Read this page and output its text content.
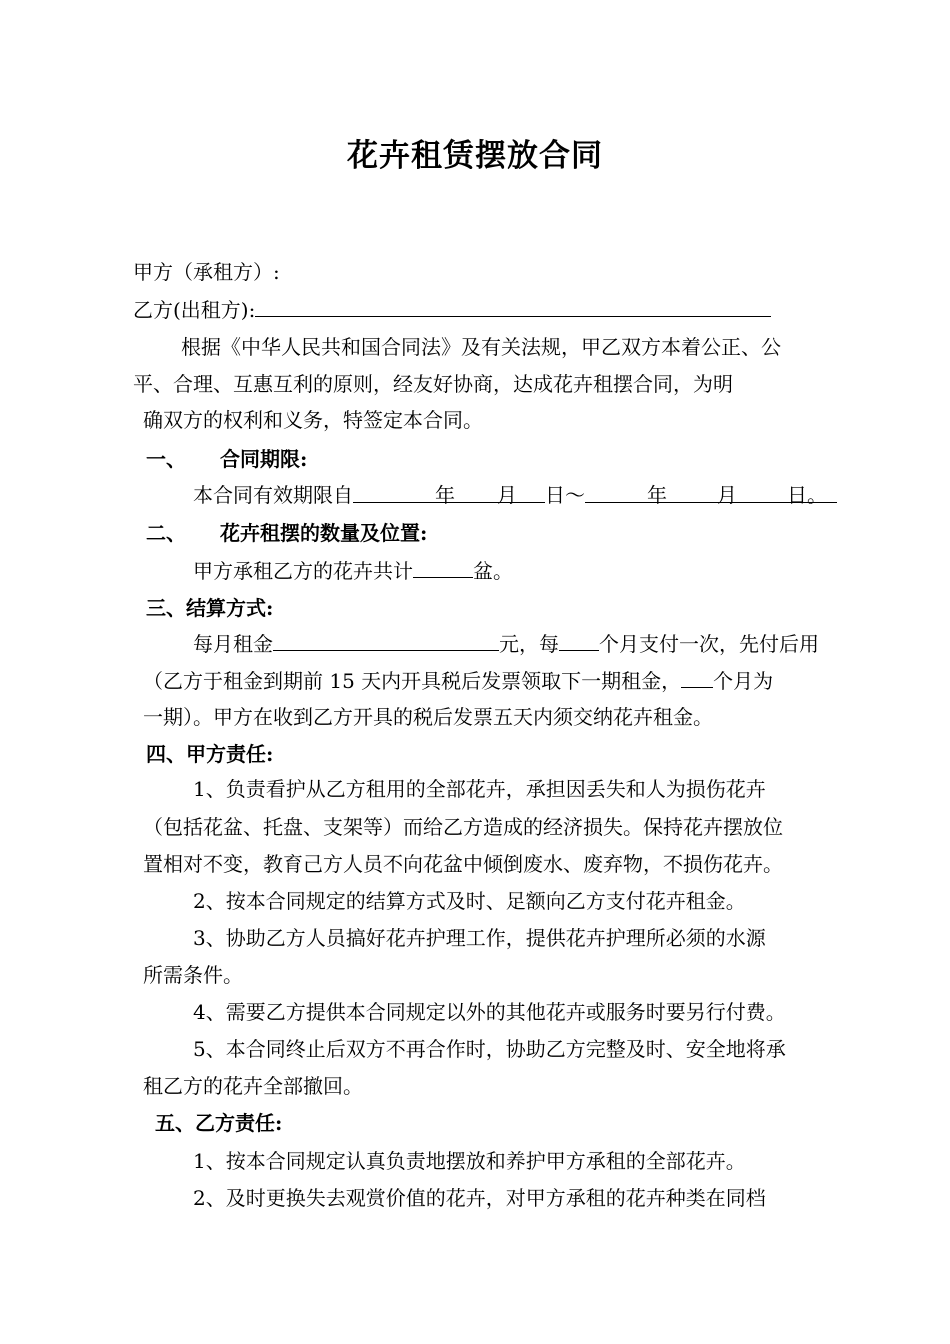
花卉租赁摆放合同
甲方（承租方）:
乙方(出租方):
根据《中华人民共和国合同法》及有关法规，甲乙双方本着公正、公
平、合理、互惠互利的原则，经友好协商，达成花卉租摆合同，为明
确双方的权利和义务，特签定本合同。
一、 合同期限:
本合同有效期限自	年 月 日～	年	月	日。
二、 花卉租摆的数量及位置:
甲方承租乙方的花卉共计	盆。
三、结算方式:
每月租金	元，每 个月支付一次，先付后用
（乙方于租金到期前 15 天内开具税后发票领取下一期租金， 个月为
一期）。甲方在收到乙方开具的税后发票五天内须交纳花卉租金。
四、甲方责任:
1、负责看护从乙方租用的全部花卉，承担因丢失和人为损伤花卉
（包括花盆、托盘、支架等）而给乙方造成的经济损失。保持花卉摆放位
置相对不变，教育己方人员不向花盆中倾倒废水、废弃物，不损伤花卉。
2、按本合同规定的结算方式及时、足额向乙方支付花卉租金。
3、协助乙方人员搞好花卉护理工作，提供花卉护理所必须的水源
所需条件。
4、需要乙方提供本合同规定以外的其他花卉或服务时要另行付费。
5、本合同终止后双方不再合作时，协助乙方完整及时、安全地将承
租乙方的花卉全部撤回。
五、乙方责任:
1、按本合同规定认真负责地摆放和养护甲方承租的全部花卉。
2、及时更换失去观赏价值的花卉，对甲方承租的花卉种类在同档
